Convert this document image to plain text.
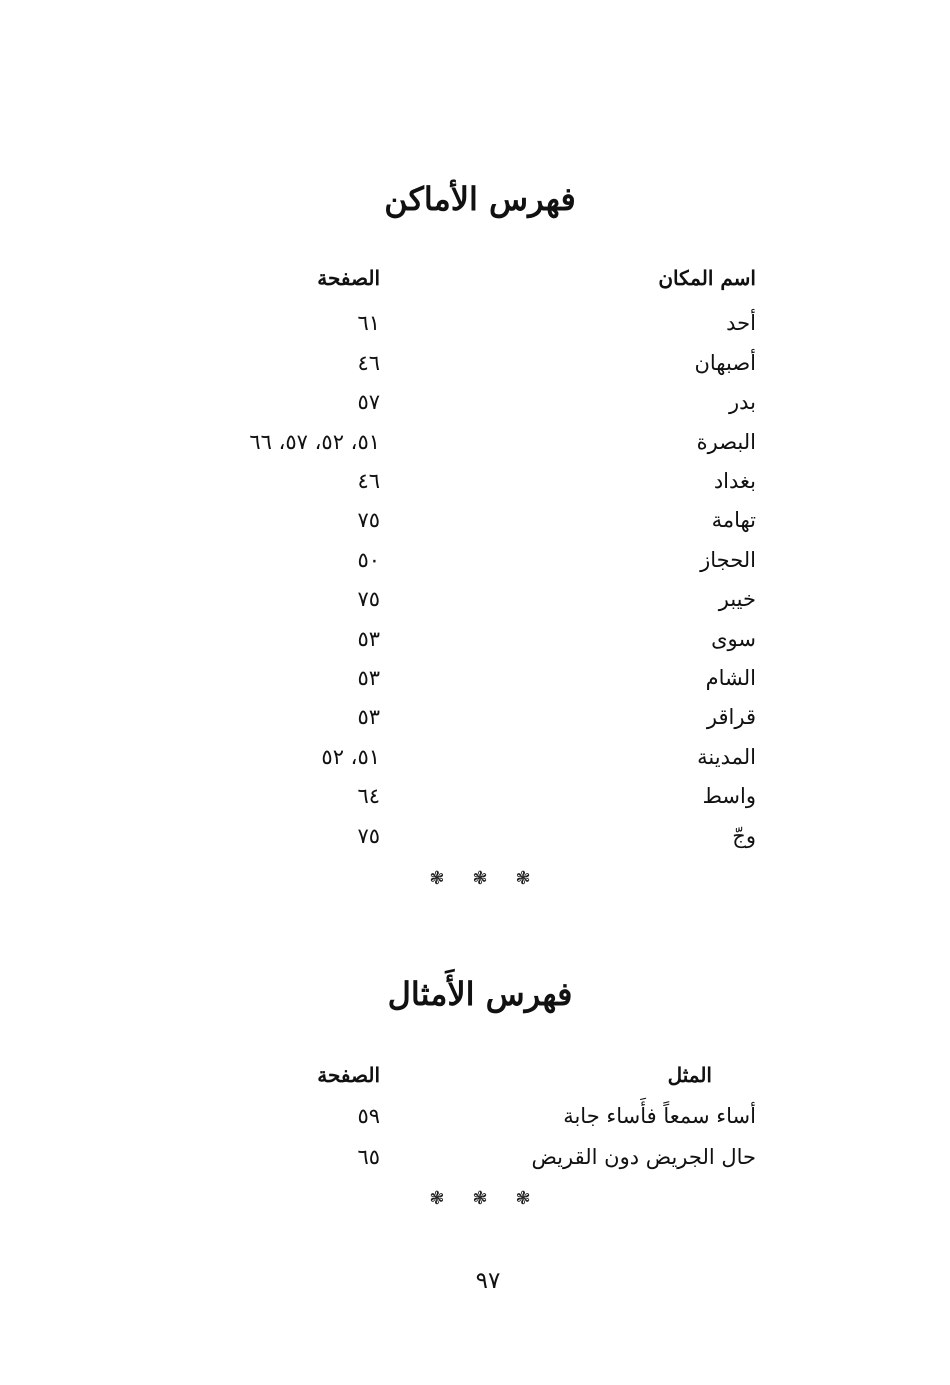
فهرس الأماكن
اسم المكان
الصفحة
أحد
٦١
أصبهان
٤٦
بدر
٥٧
البصرة
٥١، ٥٢، ٥٧، ٦٦
بغداد
٤٦
تهامة
٧٥
الحجاز
٥٠
خيبر
٧٥
سوى
٥٣
الشام
٥٣
قراقر
٥٣
المدينة
٥١، ٥٢
واسط
٦٤
وجّ
٧٥
❃ ❃ ❃
فهرس الأَمثال
المثل
الصفحة
أساء سمعاً فأَساء جابة
٥٩
حال الجريض دون القريض
٦٥
❃ ❃ ❃
٩٧
